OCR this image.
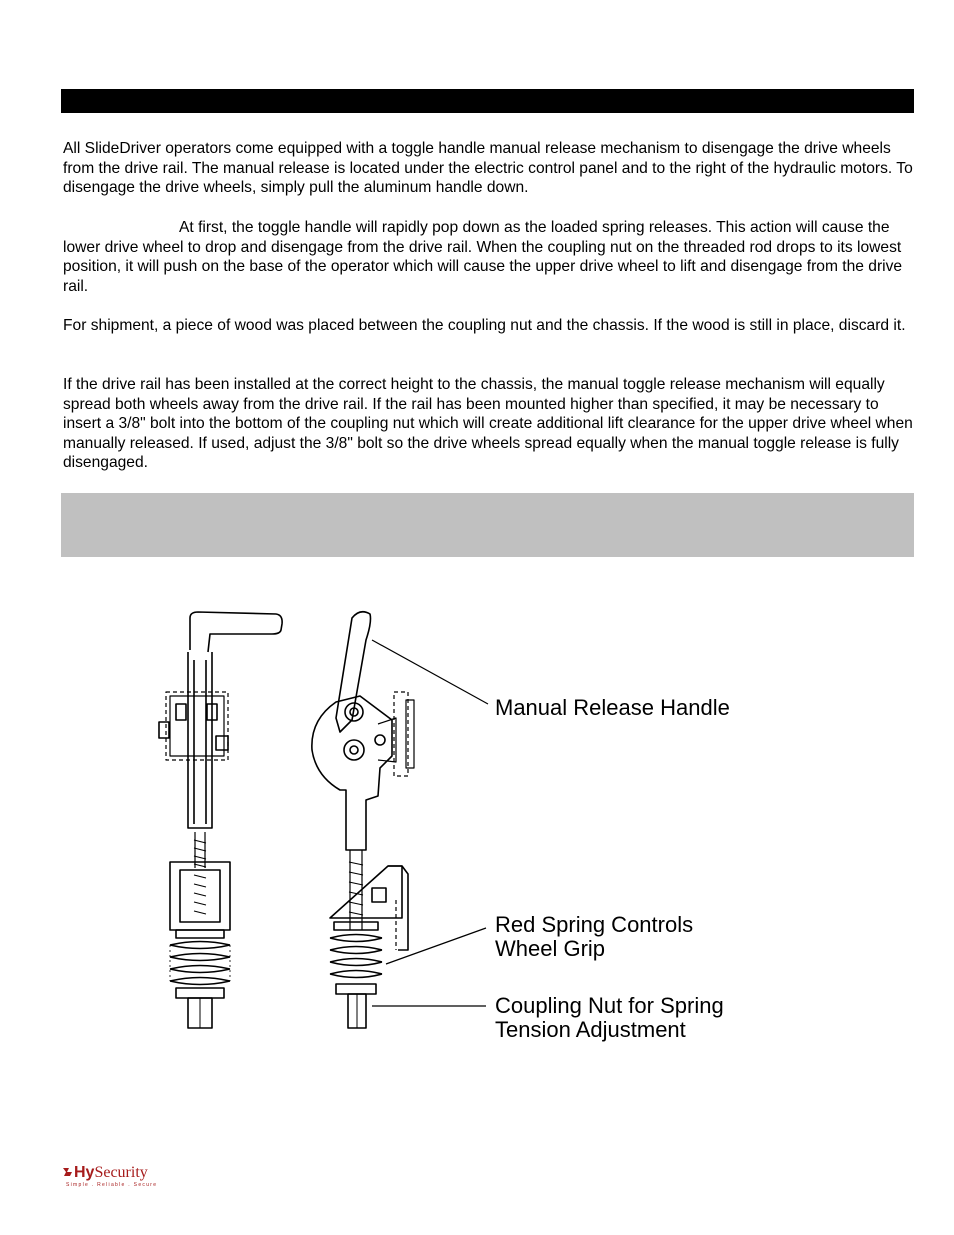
All SlideDriver operators come equipped with a toggle handle manual release mechanism to disengage the drive wheels from the drive rail. The manual release is located under the electric control panel and to the right of the hydraulic motors. To disengage the drive wheels, simply pull the aluminum handle down.

At first, the toggle handle will rapidly pop down as the loaded spring releases. This action will cause the lower drive wheel to drop and disengage from the drive rail. When the coupling nut on the threaded rod drops to its lowest position, it will push on the base of the operator which will cause the upper drive wheel to lift and disengage from the drive rail.

For shipment, a piece of wood was placed between the coupling nut and the chassis. If the wood is still in place, discard it.

If the drive rail has been installed at the correct height to the chassis, the manual toggle release mechanism will equally spread both wheels away from the drive rail. If the rail has been mounted higher than specified, it may be necessary to insert a 3/8" bolt into the bottom of the coupling nut which will create additional lift clearance for the upper drive wheel when manually released. If used, adjust the 3/8" bolt so the drive wheels spread equally when the manual toggle release is fully disengaged.

Manual Release Handle
Red Spring Controls
Wheel Grip
Coupling Nut for Spring
Tension Adjustment
HySecurity
Simple . Reliable . Secure
